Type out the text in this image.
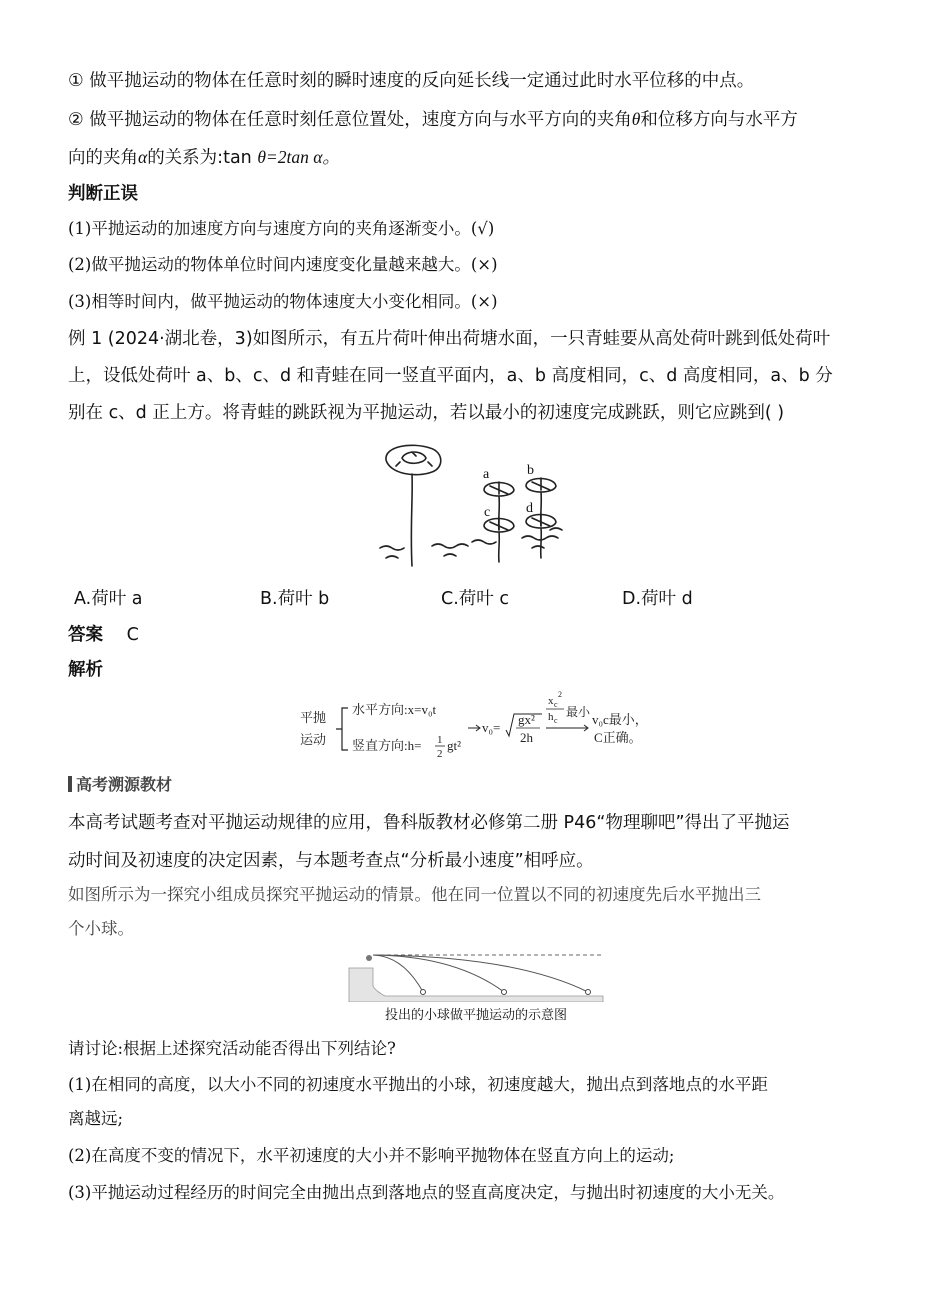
① 做平抛运动的物体在任意时刻的瞬时速度的反向延长线一定通过此时水平位移的中点。
② 做平抛运动的物体在任意时刻任意位置处，速度方向与水平方向的夹角θ和位移方向与水平方
向的夹角α的关系为:tan θ=2tan α。
判断正误
(1)平抛运动的加速度方向与速度方向的夹角逐渐变小。(√)
(2)做平抛运动的物体单位时间内速度变化量越来越大。(×)
(3)相等时间内，做平抛运动的物体速度大小变化相同。(×)
例 1 (2024·湖北卷，3)如图所示，有五片荷叶伸出荷塘水面，一只青蛙要从高处荷叶跳到低处荷叶
上，设低处荷叶 a、b、c、d 和青蛙在同一竖直平面内，a、b 高度相同，c、d 高度相同，a、b 分
别在 c、d 正上方。将青蛙的跳跃视为平抛运动，若以最小的初速度完成跳跃，则它应跳到( )
a	b
c	d
A.荷叶 a	B.荷叶 b	C.荷叶 c	D.荷叶 d
答案 C
解析
平抛
运动
水平方向:x=v₀t
竖直方向:h= 1
2
gt²
v₀=
gx²
2h
x c
2
h c
最小 v₀c最小，
C正确。
高考溯源教材
本高考试题考查对平抛运动规律的应用，鲁科版教材必修第二册 P46“物理聊吧”得出了平抛运
动时间及初速度的决定因素，与本题考查点“分析最小速度”相呼应。
如图所示为一探究小组成员探究平抛运动的情景。他在同一位置以不同的初速度先后水平抛出三
个小球。
投出的小球做平抛运动的示意图
请讨论:根据上述探究活动能否得出下列结论?
(1)在相同的高度，以大小不同的初速度水平抛出的小球，初速度越大，抛出点到落地点的水平距
离越远;
(2)在高度不变的情况下，水平初速度的大小并不影响平抛物体在竖直方向上的运动;
(3)平抛运动过程经历的时间完全由抛出点到落地点的竖直高度决定，与抛出时初速度的大小无关。
